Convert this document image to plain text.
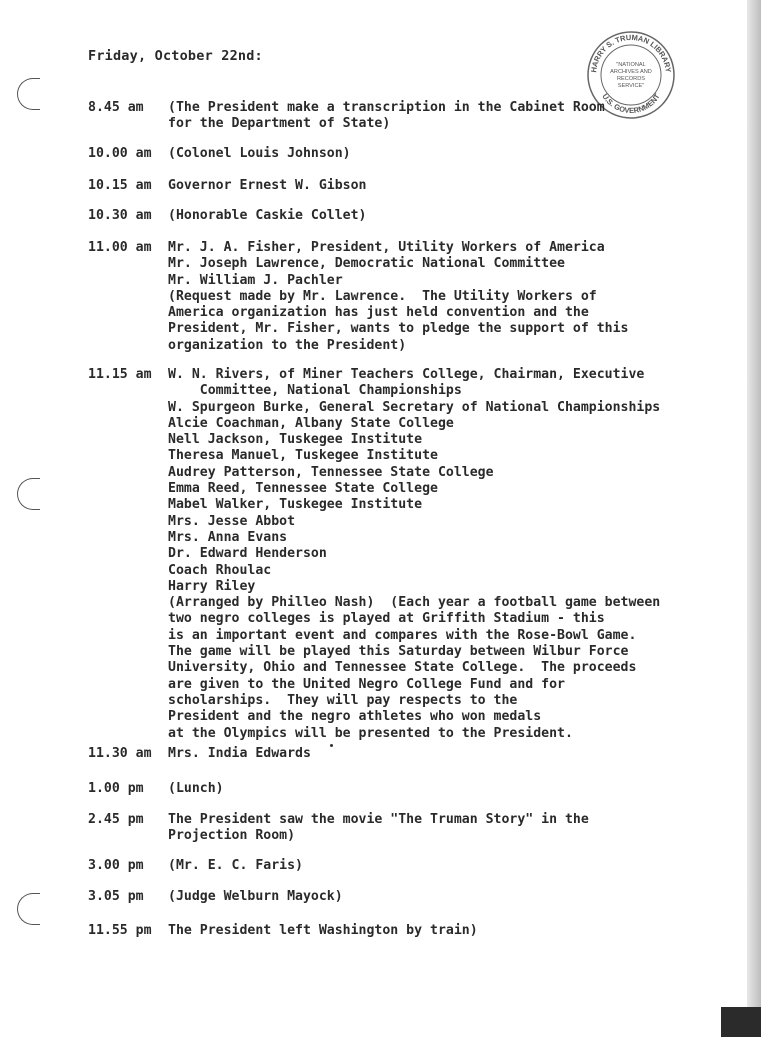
Friday, October 22nd:
HARRY S. TRUMAN LIBRARY
U.S. GOVERNMENT
"NATIONAL
ARCHIVES AND
RECORDS
SERVICE"
8.45 am	(The President make a transcription in the Cabinet Room
for the Department of State)
10.00 am	(Colonel Louis Johnson)
10.15 am	Governor Ernest W. Gibson
10.30 am	(Honorable Caskie Collet)
11.00 am	Mr. J. A. Fisher, President, Utility Workers of America
Mr. Joseph Lawrence, Democratic National Committee
Mr. William J. Pachler
(Request made by Mr. Lawrence.  The Utility Workers of
America organization has just held convention and the
President, Mr. Fisher, wants to pledge the support of this
organization to the President)
11.15 am	W. N. Rivers, of Miner Teachers College, Chairman, Executive
Committee, National Championships
W. Spurgeon Burke, General Secretary of National Championships
Alcie Coachman, Albany State College
Nell Jackson, Tuskegee Institute
Theresa Manuel, Tuskegee Institute
Audrey Patterson, Tennessee State College
Emma Reed, Tennessee State College
Mabel Walker, Tuskegee Institute
Mrs. Jesse Abbot
Mrs. Anna Evans
Dr. Edward Henderson
Coach Rhoulac
Harry Riley
(Arranged by Philleo Nash)  (Each year a football game between
two negro colleges is played at Griffith Stadium - this
is an important event and compares with the Rose-Bowl Game.
The game will be played this Saturday between Wilbur Force
University, Ohio and Tennessee State College.  The proceeds
are given to the United Negro College Fund and for
scholarships.  They will pay respects to the
President and the negro athletes who won medals
at the Olympics will be presented to the President.
11.30 am	Mrs. India Edwards
1.00 pm	(Lunch)
2.45 pm	The President saw the movie "The Truman Story" in the
Projection Room)
3.00 pm	(Mr. E. C. Faris)
3.05 pm	(Judge Welburn Mayock)
11.55 pm	The President left Washington by train)
